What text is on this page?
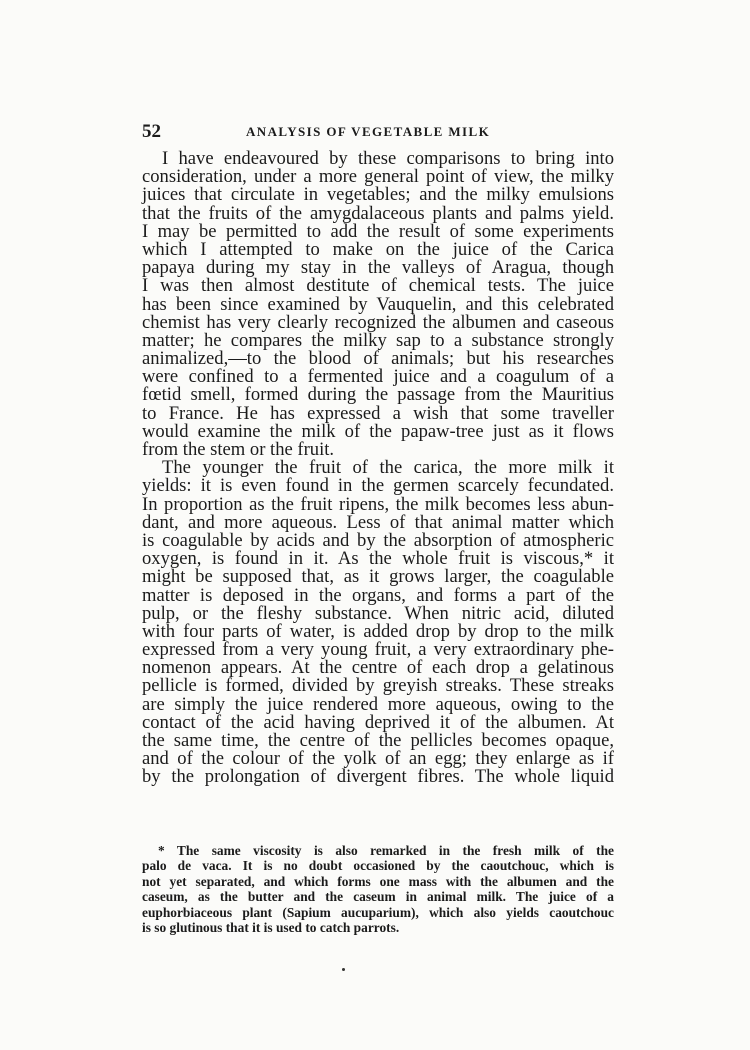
52	ANALYSIS OF VEGETABLE MILK
I have endeavoured by these comparisons to bring into
consideration, under a more general point of view, the milky
juices that circulate in vegetables; and the milky emulsions
that the fruits of the amygdalaceous plants and palms yield.
I may be permitted to add the result of some experiments
which I attempted to make on the juice of the Carica
papaya during my stay in the valleys of Aragua, though
I was then almost destitute of chemical tests. The juice
has been since examined by Vauquelin, and this celebrated
chemist has very clearly recognized the albumen and caseous
matter; he compares the milky sap to a substance strongly
animalized,—to the blood of animals; but his researches
were confined to a fermented juice and a coagulum of a
fœtid smell, formed during the passage from the Mauritius
to France. He has expressed a wish that some traveller
would examine the milk of the papaw-tree just as it flows
from the stem or the fruit.
The younger the fruit of the carica, the more milk it
yields: it is even found in the germen scarcely fecundated.
In proportion as the fruit ripens, the milk becomes less abun-
dant, and more aqueous. Less of that animal matter which
is coagulable by acids and by the absorption of atmospheric
oxygen, is found in it. As the whole fruit is viscous,* it
might be supposed that, as it grows larger, the coagulable
matter is deposed in the organs, and forms a part of the
pulp, or the fleshy substance. When nitric acid, diluted
with four parts of water, is added drop by drop to the milk
expressed from a very young fruit, a very extraordinary phe-
nomenon appears. At the centre of each drop a gelatinous
pellicle is formed, divided by greyish streaks. These streaks
are simply the juice rendered more aqueous, owing to the
contact of the acid having deprived it of the albumen. At
the same time, the centre of the pellicles becomes opaque,
and of the colour of the yolk of an egg; they enlarge as if
by the prolongation of divergent fibres. The whole liquid
* The same viscosity is also remarked in the fresh milk of the
palo de vaca. It is no doubt occasioned by the caoutchouc, which is
not yet separated, and which forms one mass with the albumen and the
caseum, as the butter and the caseum in animal milk. The juice of a
euphorbiaceous plant (Sapium aucuparium), which also yields caoutchouc
is so glutinous that it is used to catch parrots.
